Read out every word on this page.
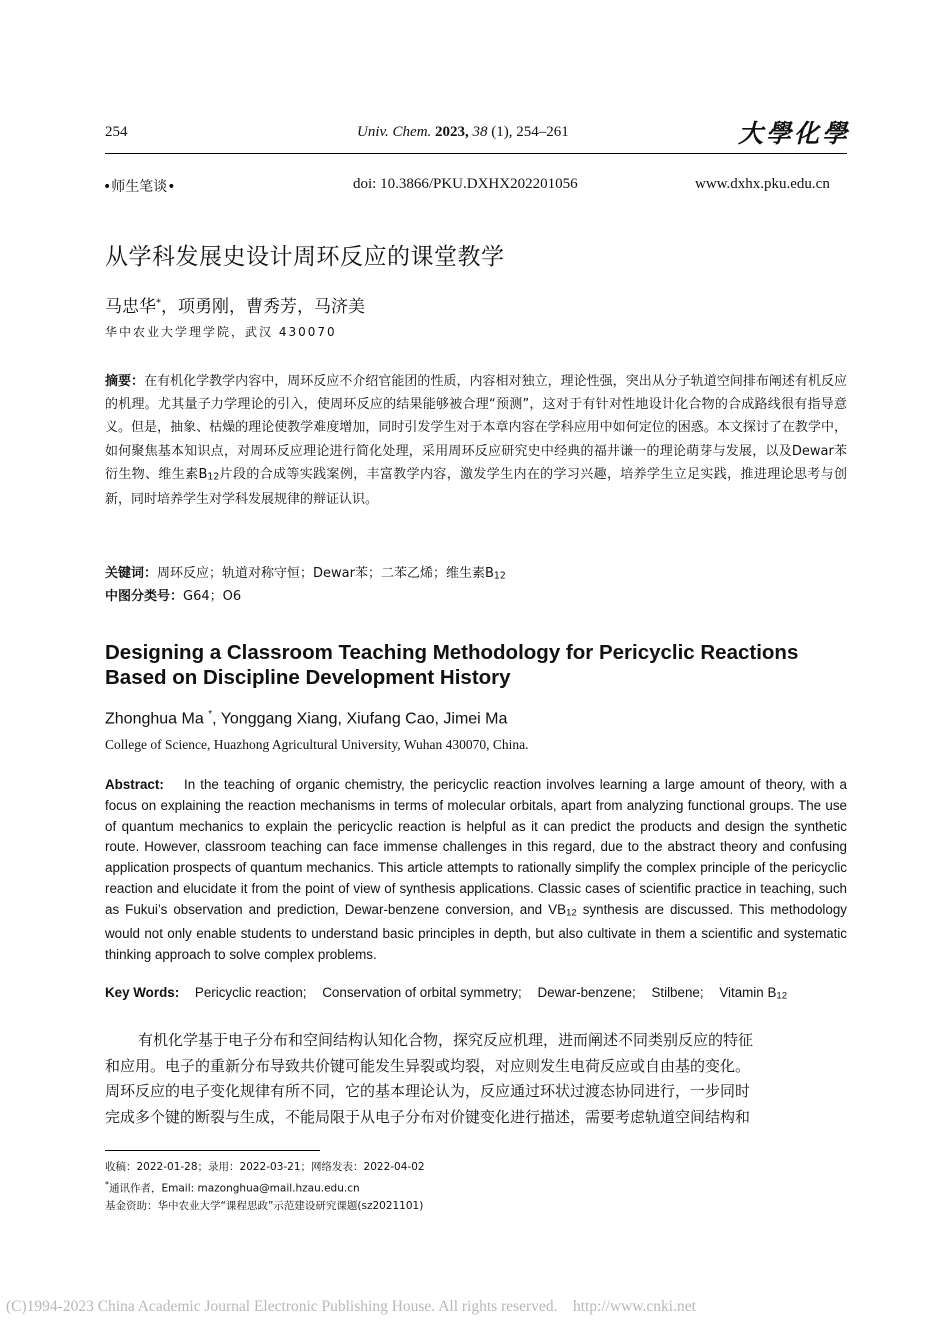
254	Univ. Chem. 2023, 38 (1), 254–261	大學化學
•师生笔谈•	doi: 10.3866/PKU.DXHX202201056	www.dxhx.pku.edu.cn
从学科发展史设计周环反应的课堂教学
马忠华*，项勇刚，曹秀芳，马济美
华中农业大学理学院，武汉 430070
摘要：在有机化学教学内容中，周环反应不介绍官能团的性质，内容相对独立，理论性强，突出从分子轨道空间排布阐述有机反应的机理。尤其量子力学理论的引入，使周环反应的结果能够被合理“预测”，这对于有针对性地设计化合物的合成路线很有指导意义。但是，抽象、枯燥的理论使教学难度增加，同时引发学生对于本章内容在学科应用中如何定位的困惑。本文探讨了在教学中，如何聚焦基本知识点，对周环反应理论进行简化处理，采用周环反应研究史中经典的福井谦一的理论萌芽与发展，以及Dewar苯衍生物、维生素$B_{12}$片段的合成等实践案例，丰富教学内容，激发学生内在的学习兴趣，培养学生立足实践，推进理论思考与创新，同时培养学生对学科发展规律的辩证认识。
关键词：周环反应；轨道对称守恒；Dewar苯；二苯乙烯；维生素$B_{12}$
中图分类号：G64；O6
Designing a Classroom Teaching Methodology for Pericyclic Reactions
Based on Discipline Development History
Zhonghua Ma *, Yonggang Xiang, Xiufang Cao, Jimei Ma
College of Science, Huazhong Agricultural University, Wuhan 430070, China.
Abstract: In the teaching of organic chemistry, the pericyclic reaction involves learning a large amount of theory, with a focus on explaining the reaction mechanisms in terms of molecular orbitals, apart from analyzing functional groups. The use of quantum mechanics to explain the pericyclic reaction is helpful as it can predict the products and design the synthetic route. However, classroom teaching can face immense challenges in this regard, due to the abstract theory and confusing application prospects of quantum mechanics. This article attempts to rationally simplify the complex principle of the pericyclic reaction and elucidate it from the point of view of synthesis applications. Classic cases of scientific practice in teaching, such as Fukui’s observation and prediction, Dewar-benzene conversion, and $VB_{12}$ synthesis are discussed. This methodology would not only enable students to understand basic principles in depth, but also cultivate in them a scientific and systematic thinking approach to solve complex problems.
Key Words: Pericyclic reaction; Conservation of orbital symmetry; Dewar-benzene; Stilbene; Vitamin $B_{12}$
有机化学基于电子分布和空间结构认知化合物，探究反应机理，进而阐述不同类别反应的特征
和应用。电子的重新分布导致共价键可能发生异裂或均裂，对应则发生电荷反应或自由基的变化。
周环反应的电子变化规律有所不同，它的基本理论认为，反应通过环状过渡态协同进行，一步同时
完成多个键的断裂与生成，不能局限于从电子分布对价键变化进行描述，需要考虑轨道空间结构和
收稿：2022-01-28；录用：2022-03-21；网络发表：2022-04-02
*通讯作者，Email: mazonghua@mail.hzau.edu.cn
基金资助：华中农业大学“课程思政”示范建设研究课题(sz2021101)
(C)1994-2023 China Academic Journal Electronic Publishing House. All rights reserved.    http://www.cnki.net
